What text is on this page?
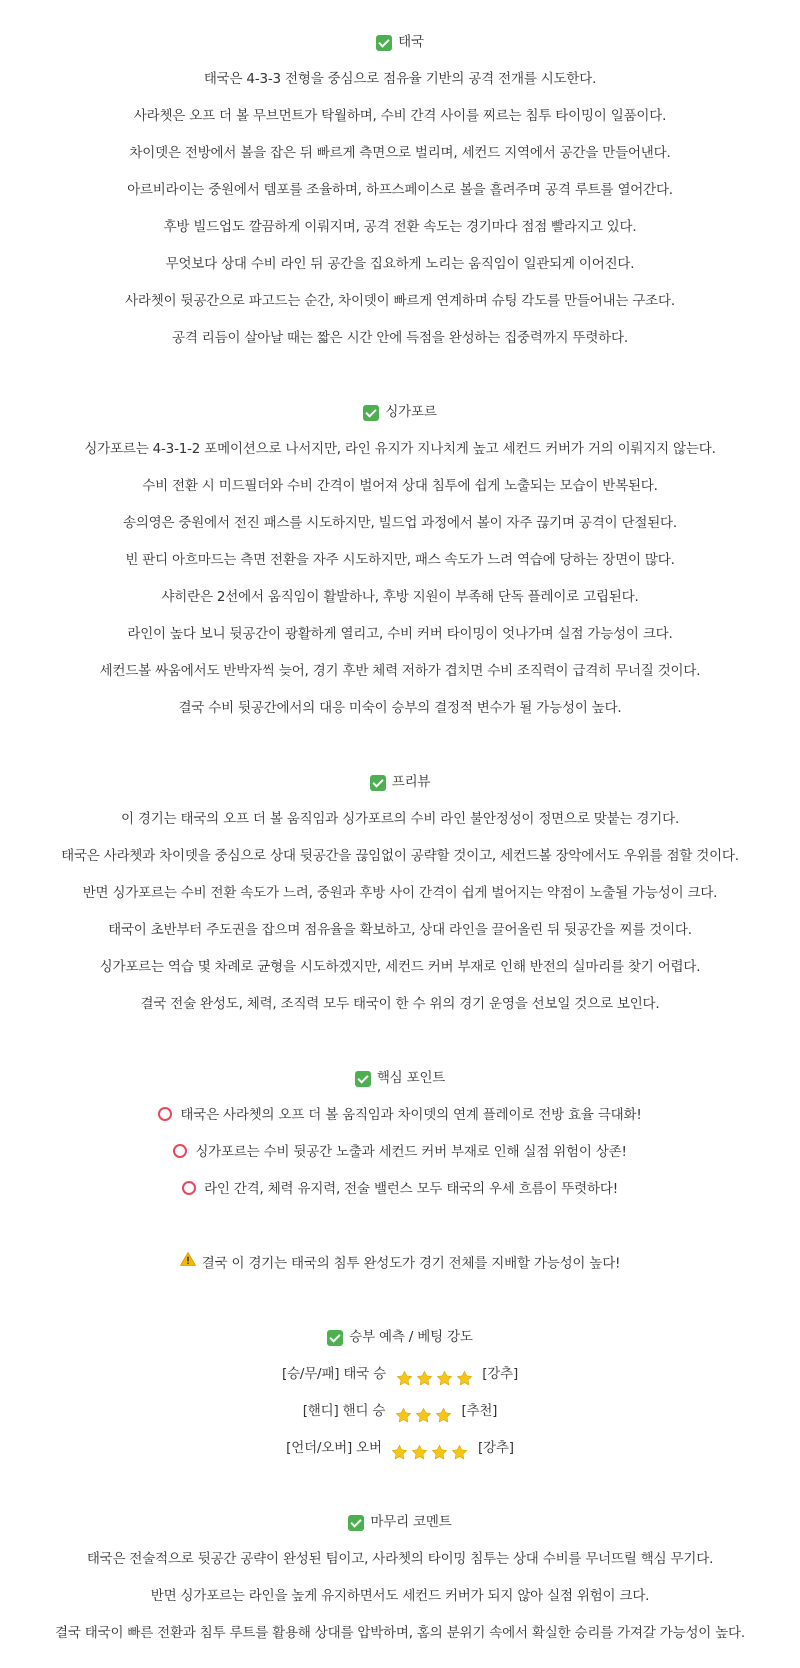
태국
태국은 4-3-3 전형을 중심으로 점유율 기반의 공격 전개를 시도한다.
사라쳇은 오프 더 볼 무브먼트가 탁월하며, 수비 간격 사이를 찌르는 침투 타이밍이 일품이다.
차이뎃은 전방에서 볼을 잡은 뒤 빠르게 측면으로 벌리며, 세컨드 지역에서 공간을 만들어낸다.
아르비라이는 중원에서 템포를 조율하며, 하프스페이스로 볼을 흘려주며 공격 루트를 열어간다.
후방 빌드업도 깔끔하게 이뤄지며, 공격 전환 속도는 경기마다 점점 빨라지고 있다.
무엇보다 상대 수비 라인 뒤 공간을 집요하게 노리는 움직임이 일관되게 이어진다.
사라쳇이 뒷공간으로 파고드는 순간, 차이뎃이 빠르게 연계하며 슈팅 각도를 만들어내는 구조다.
공격 리듬이 살아날 때는 짧은 시간 안에 득점을 완성하는 집중력까지 뚜렷하다.
싱가포르
싱가포르는 4-3-1-2 포메이션으로 나서지만, 라인 유지가 지나치게 높고 세컨드 커버가 거의 이뤄지지 않는다.
수비 전환 시 미드필더와 수비 간격이 벌어져 상대 침투에 쉽게 노출되는 모습이 반복된다.
송의영은 중원에서 전진 패스를 시도하지만, 빌드업 과정에서 볼이 자주 끊기며 공격이 단절된다.
빈 판디 아흐마드는 측면 전환을 자주 시도하지만, 패스 속도가 느려 역습에 당하는 장면이 많다.
샤히란은 2선에서 움직임이 활발하나, 후방 지원이 부족해 단독 플레이로 고립된다.
라인이 높다 보니 뒷공간이 광활하게 열리고, 수비 커버 타이밍이 엇나가며 실점 가능성이 크다.
세컨드볼 싸움에서도 반박자씩 늦어, 경기 후반 체력 저하가 겹치면 수비 조직력이 급격히 무너질 것이다.
결국 수비 뒷공간에서의 대응 미숙이 승부의 결정적 변수가 될 가능성이 높다.
프리뷰
이 경기는 태국의 오프 더 볼 움직임과 싱가포르의 수비 라인 불안정성이 정면으로 맞붙는 경기다.
태국은 사라쳇과 차이뎃을 중심으로 상대 뒷공간을 끊임없이 공략할 것이고, 세컨드볼 장악에서도 우위를 점할 것이다.
반면 싱가포르는 수비 전환 속도가 느려, 중원과 후방 사이 간격이 쉽게 벌어지는 약점이 노출될 가능성이 크다.
태국이 초반부터 주도권을 잡으며 점유율을 확보하고, 상대 라인을 끌어올린 뒤 뒷공간을 찌를 것이다.
싱가포르는 역습 몇 차례로 균형을 시도하겠지만, 세컨드 커버 부재로 인해 반전의 실마리를 찾기 어렵다.
결국 전술 완성도, 체력, 조직력 모두 태국이 한 수 위의 경기 운영을 선보일 것으로 보인다.
핵심 포인트
태국은 사라쳇의 오프 더 볼 움직임과 차이뎃의 연계 플레이로 전방 효율 극대화!
싱가포르는 수비 뒷공간 노출과 세컨드 커버 부재로 인해 실점 위험이 상존!
라인 간격, 체력 유지력, 전술 밸런스 모두 태국의 우세 흐름이 뚜렷하다!
결국 이 경기는 태국의 침투 완성도가 경기 전체를 지배할 가능성이 높다!
승부 예측 / 베팅 강도
[승/무/패] 태국 승	[강추]
[핸디] 핸디 승	[추천]
[언더/오버] 오버	[강추]
마무리 코멘트
태국은 전술적으로 뒷공간 공략이 완성된 팀이고, 사라쳇의 타이밍 침투는 상대 수비를 무너뜨릴 핵심 무기다.
반면 싱가포르는 라인을 높게 유지하면서도 세컨드 커버가 되지 않아 실점 위험이 크다.
결국 태국이 빠른 전환과 침투 루트를 활용해 상대를 압박하며, 홈의 분위기 속에서 확실한 승리를 가져갈 가능성이 높다.
